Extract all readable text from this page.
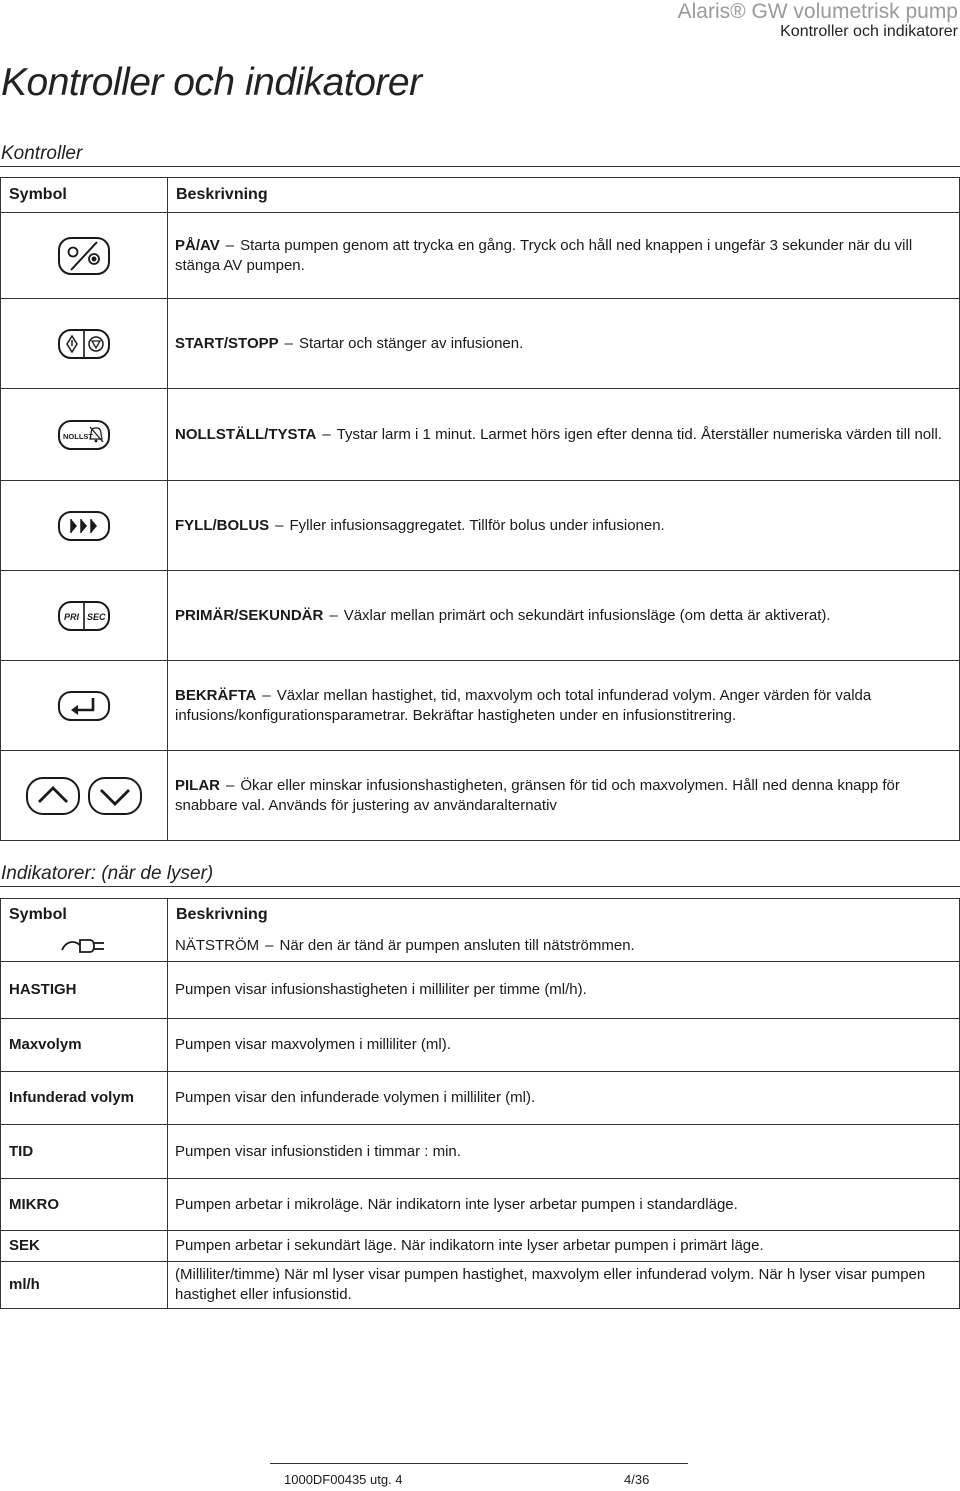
Alaris® GW volumetrisk pump
Kontroller och indikatorer
Kontroller och indikatorer
Kontroller
Symbol	Beskrivning
	PÅ/AV – Starta pumpen genom att trycka en gång. Tryck och håll ned knappen i ungefär 3 sekunder när du vill stänga AV pumpen.
	START/STOPP – Startar och stänger av infusionen.

NOLLST	NOLLSTÄLL/TYSTA – Tystar larm i 1 minut. Larmet hörs igen efter denna tid. Återställer numeriska värden till noll.
	FYLL/BOLUS – Fyller infusionsaggregatet. Tillför bolus under infusionen.

PRI SEC	PRIMÄR/SEKUNDÄR – Växlar mellan primärt och sekundärt infusionsläge (om detta är aktiverat).
	BEKRÄFTA – Växlar mellan hastighet, tid, maxvolym och total infunderad volym. Anger värden för valda infusions/konfigurationsparametrar. Bekräftar hastigheten under en infusionstitrering.
	PILAR – Ökar eller minskar infusionshastigheten, gränsen för tid och maxvolymen. Håll ned denna knapp för snabbare val. Används för justering av användaralternativ
Indikatorer: (när de lyser)
Symbol	Beskrivning
	NÄTSTRÖM – När den är tänd är pumpen ansluten till nätströmmen.
HASTIGH	Pumpen visar infusionshastigheten i milliliter per timme (ml/h).
Maxvolym	Pumpen visar maxvolymen i milliliter (ml).
Infunderad volym	Pumpen visar den infunderade volymen i milliliter (ml).
TID	Pumpen visar infusionstiden i timmar : min.
MIKRO	Pumpen arbetar i mikroläge. När indikatorn inte lyser arbetar pumpen i standardläge.
SEK	Pumpen arbetar i sekundärt läge. När indikatorn inte lyser arbetar pumpen i primärt läge.
ml/h	(Milliliter/timme) När ml lyser visar pumpen hastighet, maxvolym eller infunderad volym. När h lyser visar pumpen hastighet eller infusionstid.
1000DF00435 utg. 4	4/36
